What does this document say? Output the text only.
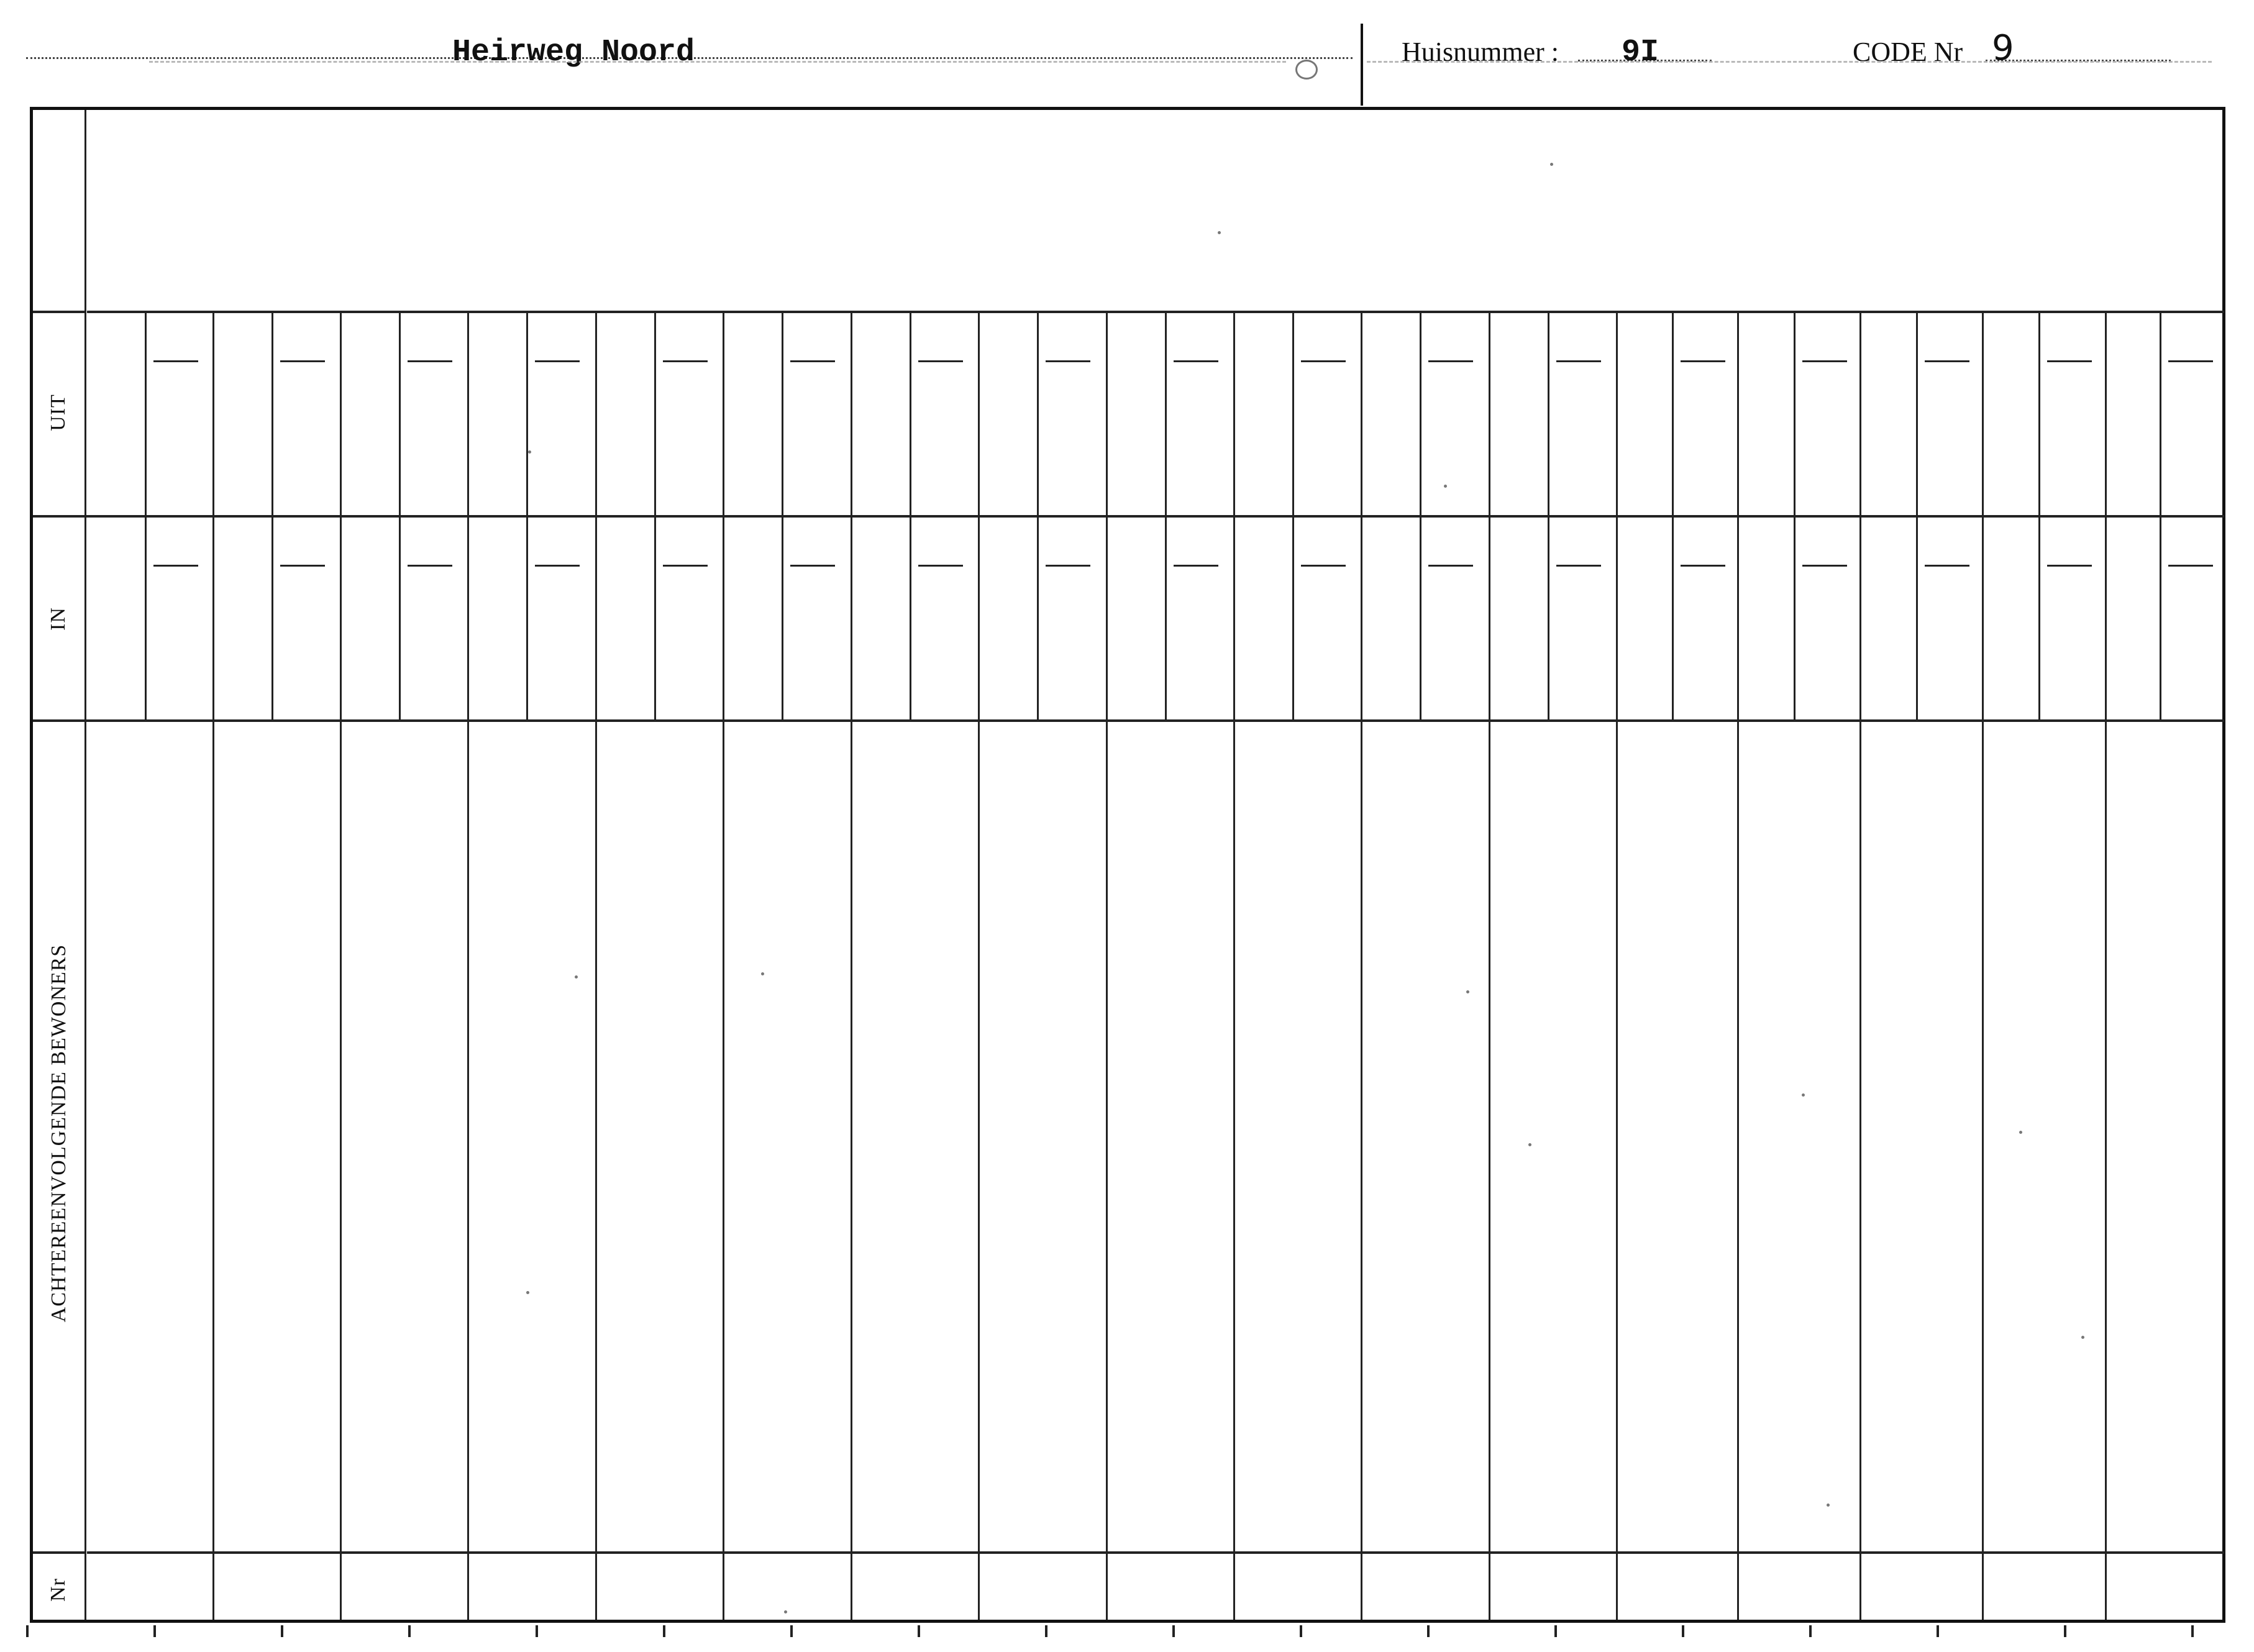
Heirweg Noord	Huisnummer : 9I	CODE Nr 9
UIT
IN
ACHTEREENVOLGENDE BEWONERS
Nr
